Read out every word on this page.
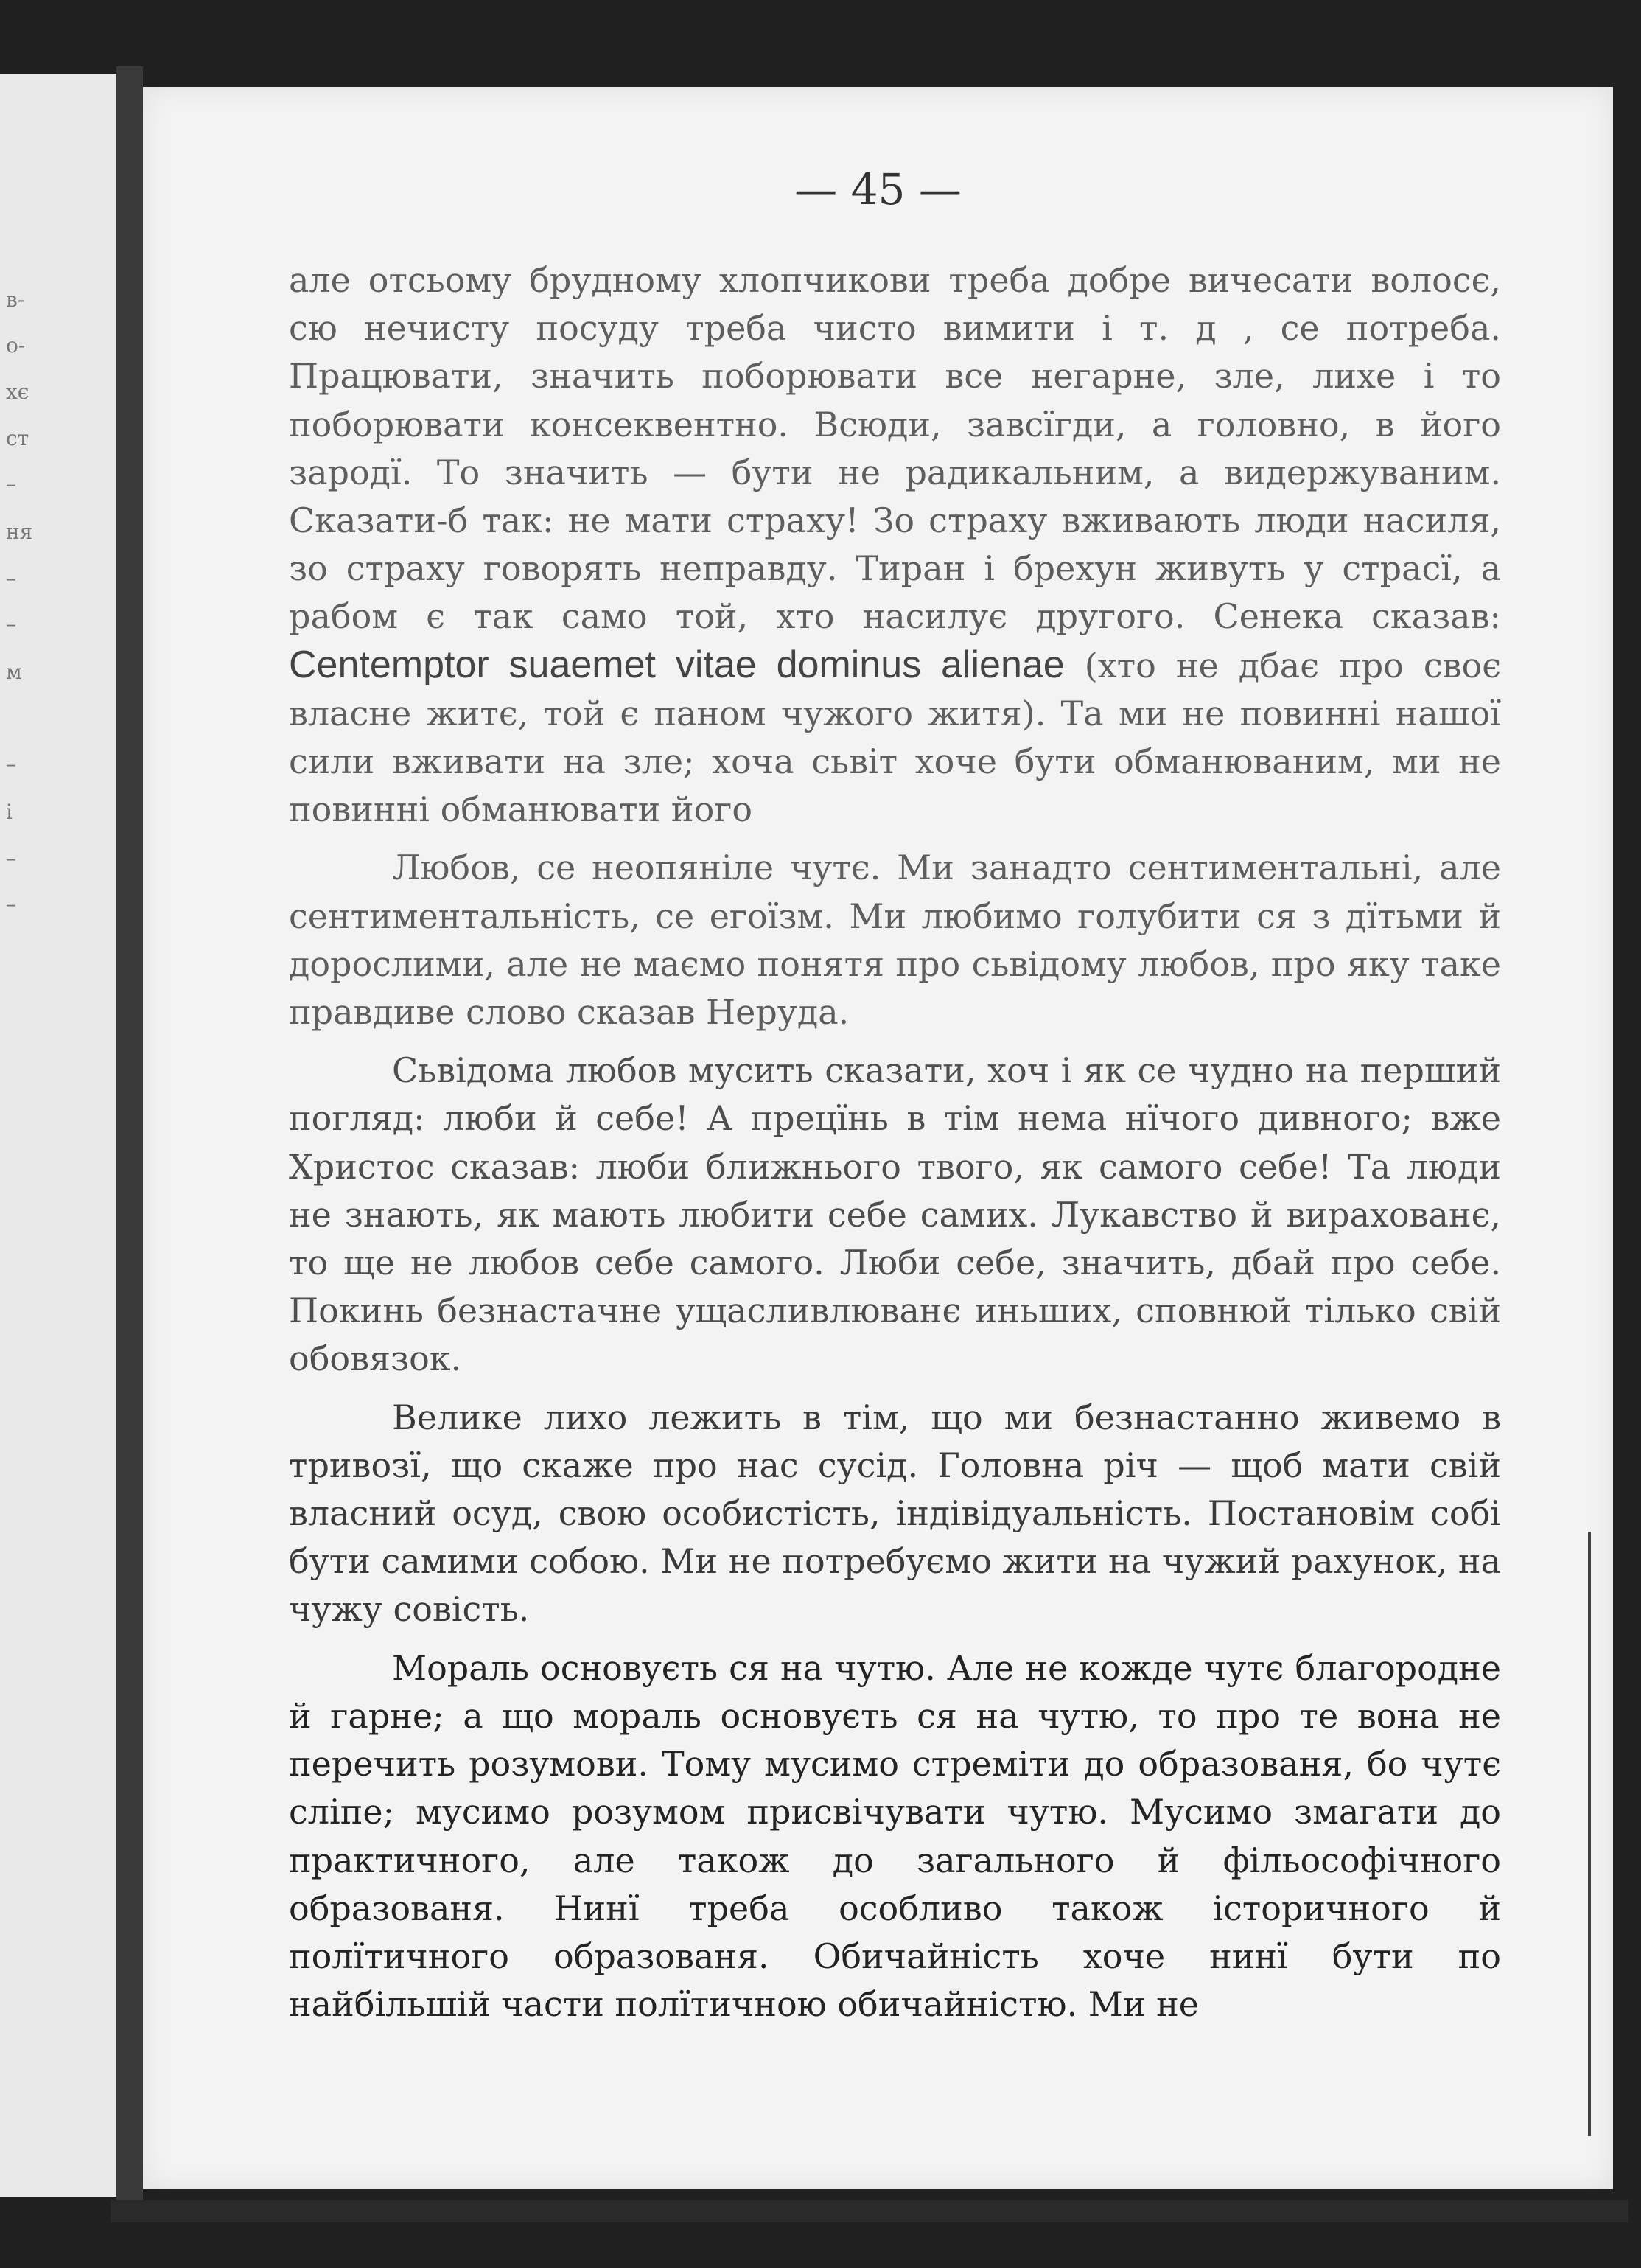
в-
о-
хє
ст
–
ня
–
–
м
–
і
–
–
— 45 —

але отсьому брудному хлопчикови треба добре вичесати волосє, сю нечисту посуду треба чисто вимити і т. д , се потреба. Працювати, значить поборювати все негарне, зле, лихе і то поборювати консеквентно. Всюди, завсїгди, а головно, в його зародї. То значить — бути не радикальним, а видержуваним. Сказати-б так: не мати страху! Зо страху вживають люди насиля, зо страху говорять неправду. Тиран і брехун живуть у страсї, а рабом є так само той, хто насилує другого. Сенека сказав: Centemptor suaemet vitae dominus alienae (хто не дбає про своє власне житє, той є паном чужого житя). Та ми не повинні нашої сили вживати на зле; хоча сьвіт хоче бути обманюваним, ми не повинні обманювати його

Любов, се неопяніле чутє. Ми занадто сентиментальні, але сентиментальність, се егоїзм. Ми любимо голубити ся з дїтьми й дорослими, але не маємо понятя про сьвідому любов, про яку таке правдиве слово сказав Неруда.

Сьвідома любов мусить сказати, хоч і як се чудно на перший погляд: люби й себе! А прецїнь в тім нема нїчого дивного; вже Христос сказав: люби ближнього твого, як самого себе! Та люди не знають, як мають любити себе самих. Лукавство й вирахованє, то ще не любов себе самого. Люби себе, значить, дбай про себе. Покинь безнастачне ущасливлюванє иньших, сповнюй тілько свій обовязок.

Велике лихо лежить в тім, що ми безнастанно живемо в тривозї, що скаже про нас сусід. Головна річ — щоб мати свій власний осуд, свою особистість, індівідуальність. Постановім собі бути самими собою. Ми не потребуємо жити на чужий рахунок, на чужу совість.

Мораль основуєть ся на чутю. Але не кожде чутє благородне й гарне; а що мораль основуєть ся на чутю, то про те вона не перечить розумови. Тому мусимо стреміти до образованя, бо чутє сліпе; мусимо розумом присвічувати чутю. Мусимо змагати до практичного, але також до загального й фільософічного образованя. Нинї треба особливо також історичного й полїтичного образованя. Обичайність хоче нинї бути по найбільшій части полїтичною обичайністю. Ми не
